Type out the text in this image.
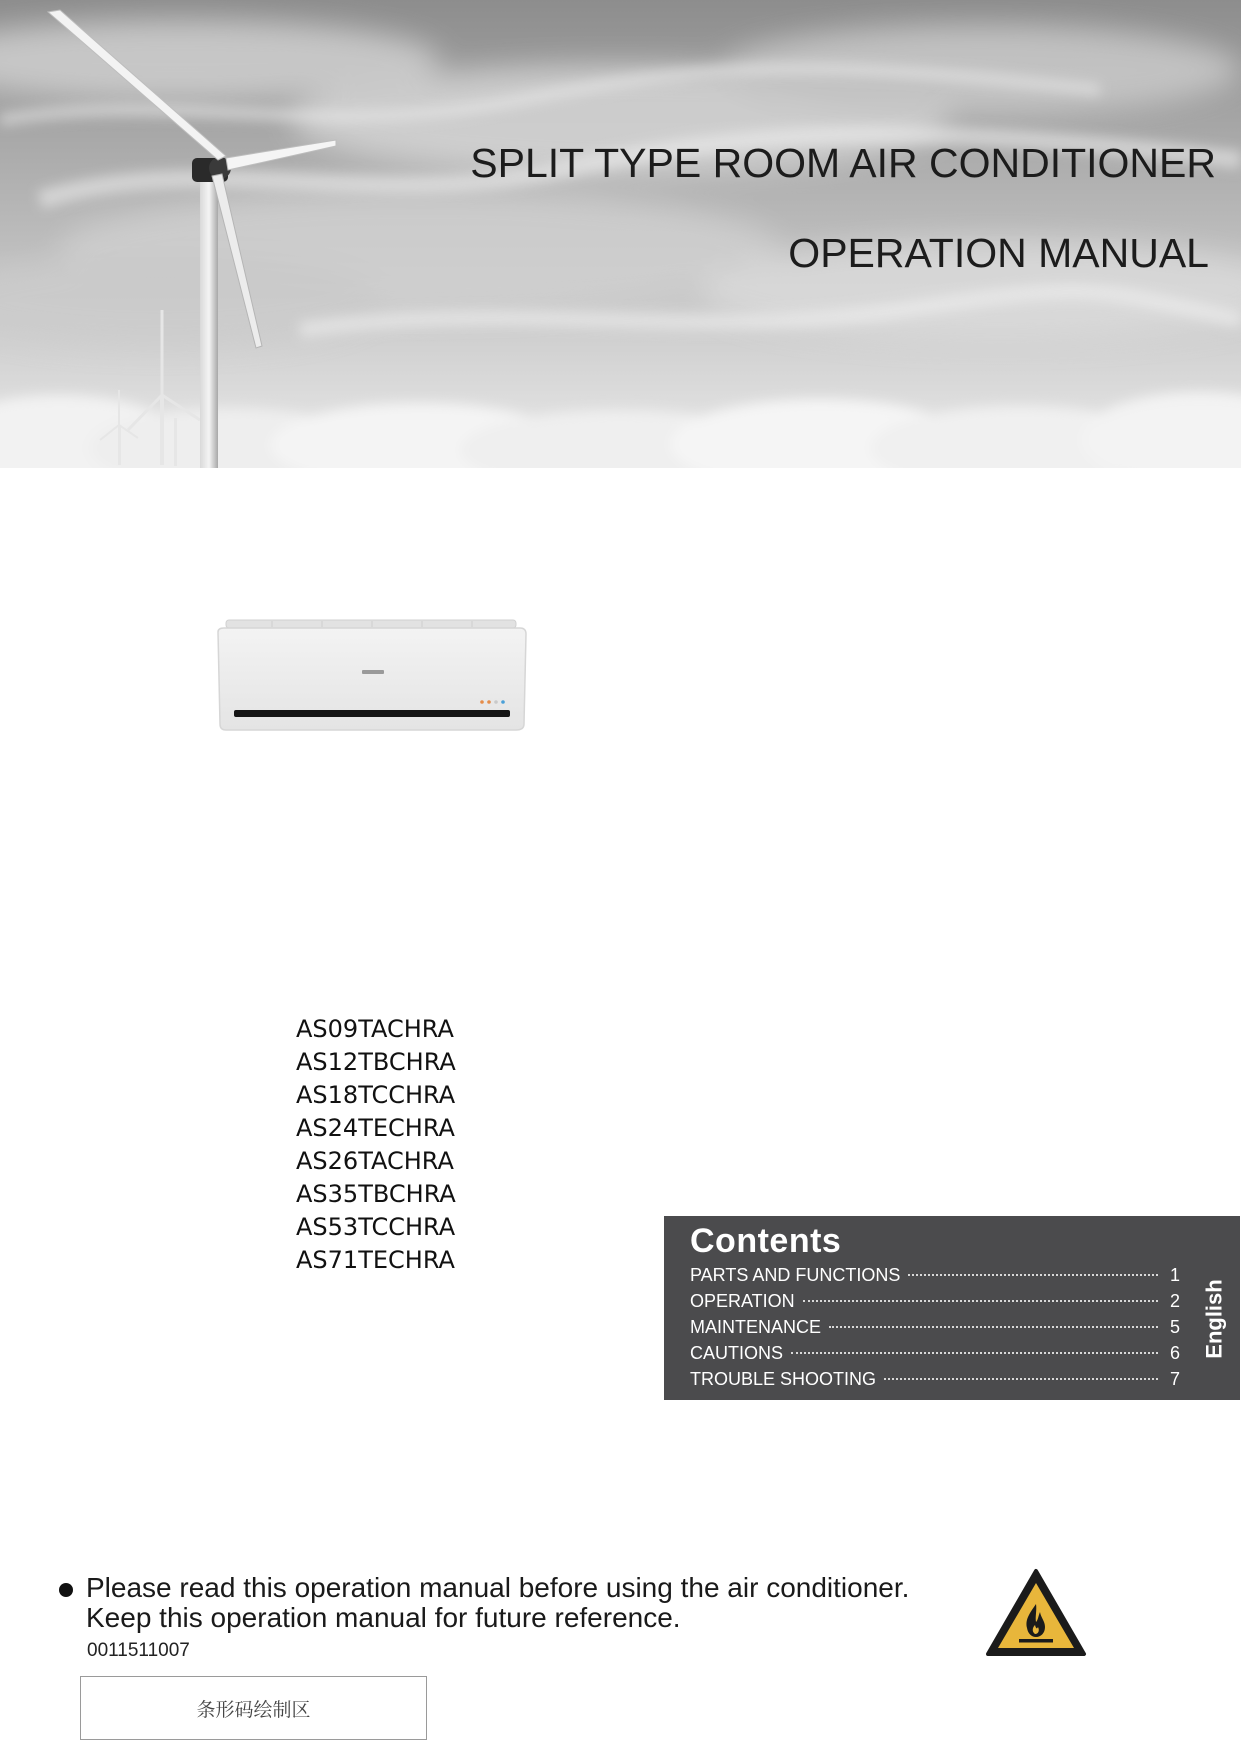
SPLIT TYPE ROOM AIR CONDITIONER
OPERATION MANUAL
AS09TACHRA
AS12TBCHRA
AS18TCCHRA
AS24TECHRA
AS26TACHRA
AS35TBCHRA
AS53TCCHRA
AS71TECHRA	Contents
PARTS AND FUNCTIONS	1
OPERATION	2
MAINTENANCE	5
CAUTIONS	6
TROUBLE SHOOTING	7
English
Please read this operation manual before using the air conditioner.
Keep this operation manual for future reference.
0011511007
条形码绘制区
